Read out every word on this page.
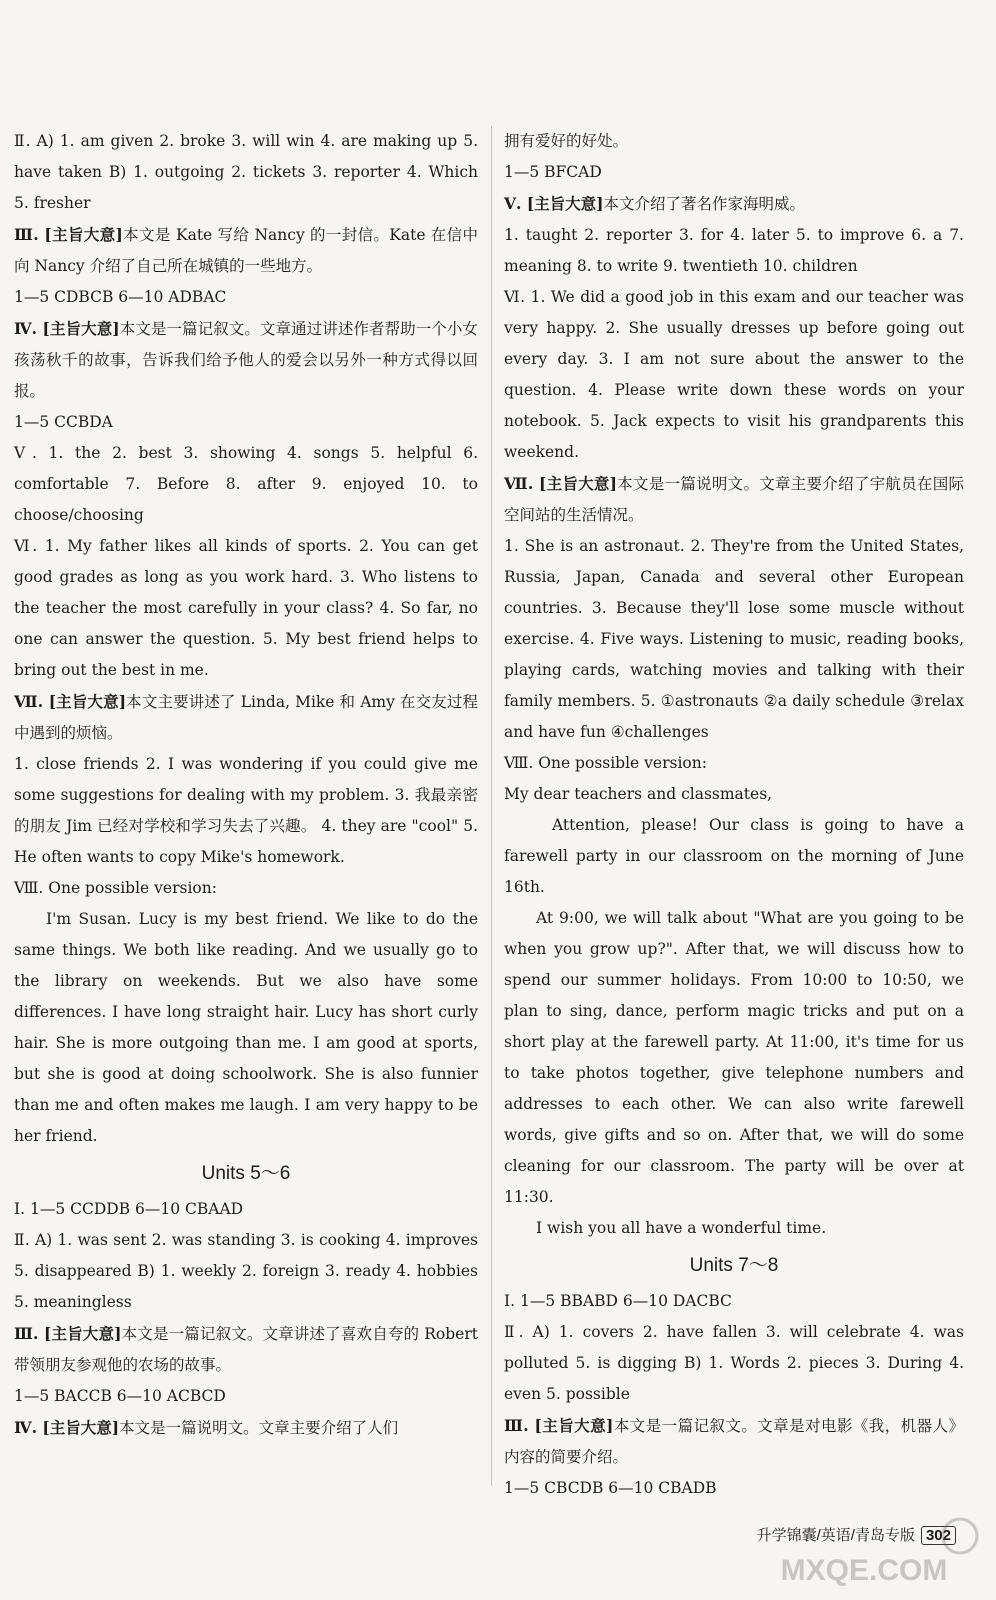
Ⅱ. A) 1. am given 2. broke 3. will win 4. are making up 5. have taken B) 1. outgoing 2. tickets 3. reporter 4. Which 5. fresher

Ⅲ. [主旨大意]本文是 Kate 写给 Nancy 的一封信。Kate 在信中向 Nancy 介绍了自己所在城镇的一些地方。

1—5 CDBCB 6—10 ADBAC

Ⅳ. [主旨大意]本文是一篇记叙文。文章通过讲述作者帮助一个小女孩荡秋千的故事，告诉我们给予他人的爱会以另外一种方式得以回报。

1—5 CCBDA

Ⅴ. 1. the 2. best 3. showing 4. songs 5. helpful 6. comfortable 7. Before 8. after 9. enjoyed 10. to choose/choosing

Ⅵ. 1. My father likes all kinds of sports. 2. You can get good grades as long as you work hard. 3. Who listens to the teacher the most carefully in your class? 4. So far, no one can answer the question. 5. My best friend helps to bring out the best in me.

Ⅶ. [主旨大意]本文主要讲述了 Linda, Mike 和 Amy 在交友过程中遇到的烦恼。

1. close friends 2. I was wondering if you could give me some suggestions for dealing with my problem. 3. 我最亲密的朋友 Jim 已经对学校和学习失去了兴趣。 4. they are "cool" 5. He often wants to copy Mike's homework.

Ⅷ. One possible version:

I'm Susan. Lucy is my best friend. We like to do the same things. We both like reading. And we usually go to the library on weekends. But we also have some differences. I have long straight hair. Lucy has short curly hair. She is more outgoing than me. I am good at sports, but she is good at doing schoolwork. She is also funnier than me and often makes me laugh. I am very happy to be her friend.

Units 5～6

Ⅰ. 1—5 CCDDB 6—10 CBAAD

Ⅱ. A) 1. was sent 2. was standing 3. is cooking 4. improves 5. disappeared B) 1. weekly 2. foreign 3. ready 4. hobbies 5. meaningless

Ⅲ. [主旨大意]本文是一篇记叙文。文章讲述了喜欢自夸的 Robert 带领朋友参观他的农场的故事。

1—5 BACCB 6—10 ACBCD

Ⅳ. [主旨大意]本文是一篇说明文。文章主要介绍了人们

拥有爱好的好处。

1—5 BFCAD

Ⅴ. [主旨大意]本文介绍了著名作家海明威。

1. taught 2. reporter 3. for 4. later 5. to improve 6. a 7. meaning 8. to write 9. twentieth 10. children

Ⅵ. 1. We did a good job in this exam and our teacher was very happy. 2. She usually dresses up before going out every day. 3. I am not sure about the answer to the question. 4. Please write down these words on your notebook. 5. Jack expects to visit his grandparents this weekend.

Ⅶ. [主旨大意]本文是一篇说明文。文章主要介绍了宇航员在国际空间站的生活情况。

1. She is an astronaut. 2. They're from the United States, Russia, Japan, Canada and several other European countries. 3. Because they'll lose some muscle without exercise. 4. Five ways. Listening to music, reading books, playing cards, watching movies and talking with their family members. 5. ①astronauts ②a daily schedule ③relax and have fun ④challenges

Ⅷ. One possible version:

My dear teachers and classmates,

Attention, please! Our class is going to have a farewell party in our classroom on the morning of June 16th.

At 9:00, we will talk about "What are you going to be when you grow up?". After that, we will discuss how to spend our summer holidays. From 10:00 to 10:50, we plan to sing, dance, perform magic tricks and put on a short play at the farewell party. At 11:00, it's time for us to take photos together, give telephone numbers and addresses to each other. We can also write farewell words, give gifts and so on. After that, we will do some cleaning for our classroom. The party will be over at 11:30.

I wish you all have a wonderful time.

Units 7～8

Ⅰ. 1—5 BBABD 6—10 DACBC

Ⅱ. A) 1. covers 2. have fallen 3. will celebrate 4. was polluted 5. is digging B) 1. Words 2. pieces 3. During 4. even 5. possible

Ⅲ. [主旨大意]本文是一篇记叙文。文章是对电影《我，机器人》内容的简要介绍。

1—5 CBCDB 6—10 CBADB

升学锦囊/英语/青岛专版 302
MXQE.COM
